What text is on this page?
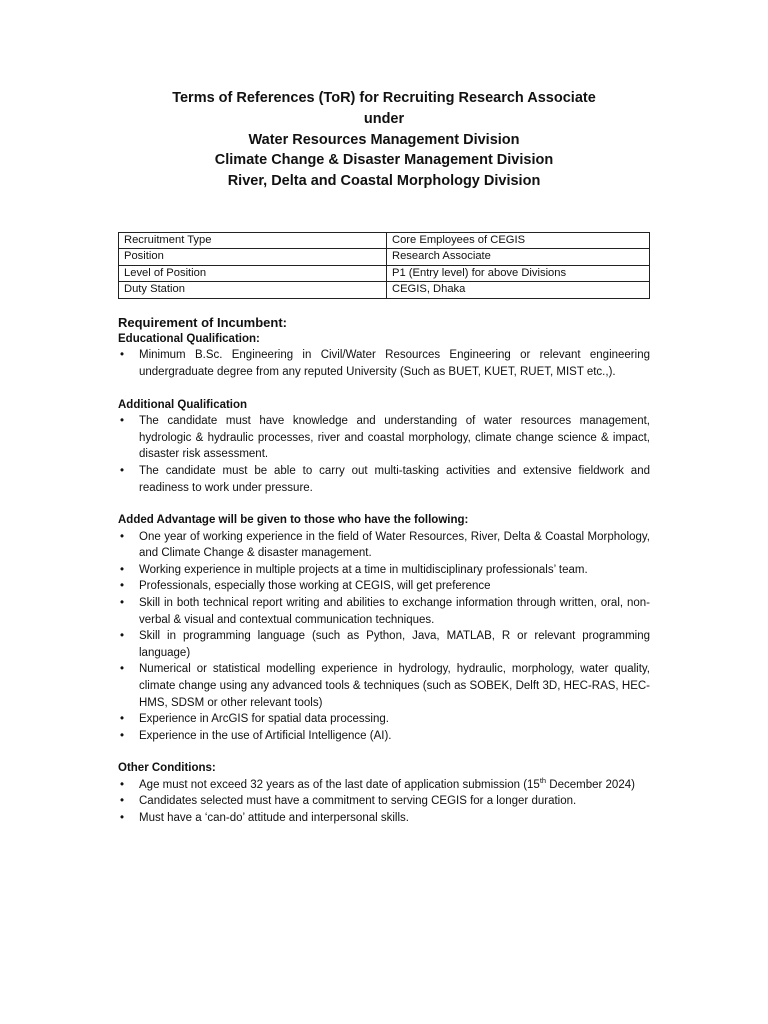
Terms of References (ToR) for Recruiting Research Associate
under
Water Resources Management Division
Climate Change & Disaster Management Division
River, Delta and Coastal Morphology Division
Recruitment Type	Core Employees of CEGIS
Position	Research Associate
Level of Position	P1 (Entry level) for above Divisions
Duty Station	CEGIS, Dhaka
Requirement of Incumbent:
Educational Qualification:
• Minimum B.Sc. Engineering in Civil/Water Resources Engineering or relevant engineering undergraduate degree from any reputed University (Such as BUET, KUET, RUET, MIST etc.,).
Additional Qualification
• The candidate must have knowledge and understanding of water resources management, hydrologic & hydraulic processes, river and coastal morphology, climate change science & impact, disaster risk assessment.
• The candidate must be able to carry out multi-tasking activities and extensive fieldwork and readiness to work under pressure.
Added Advantage will be given to those who have the following:
• One year of working experience in the field of Water Resources, River, Delta & Coastal Morphology, and Climate Change & disaster management.
• Working experience in multiple projects at a time in multidisciplinary professionals’ team.
• Professionals, especially those working at CEGIS, will get preference
• Skill in both technical report writing and abilities to exchange information through written, oral, non-verbal & visual and contextual communication techniques.
• Skill in programming language (such as Python, Java, MATLAB, R or relevant programming language)
• Numerical or statistical modelling experience in hydrology, hydraulic, morphology, water quality, climate change using any advanced tools & techniques (such as SOBEK, Delft 3D, HEC-RAS, HEC-HMS, SDSM or other relevant tools)
• Experience in ArcGIS for spatial data processing.
• Experience in the use of Artificial Intelligence (AI).
Other Conditions:
• Age must not exceed 32 years as of the last date of application submission (15th December 2024)
• Candidates selected must have a commitment to serving CEGIS for a longer duration.
• Must have a ‘can-do’ attitude and interpersonal skills.
